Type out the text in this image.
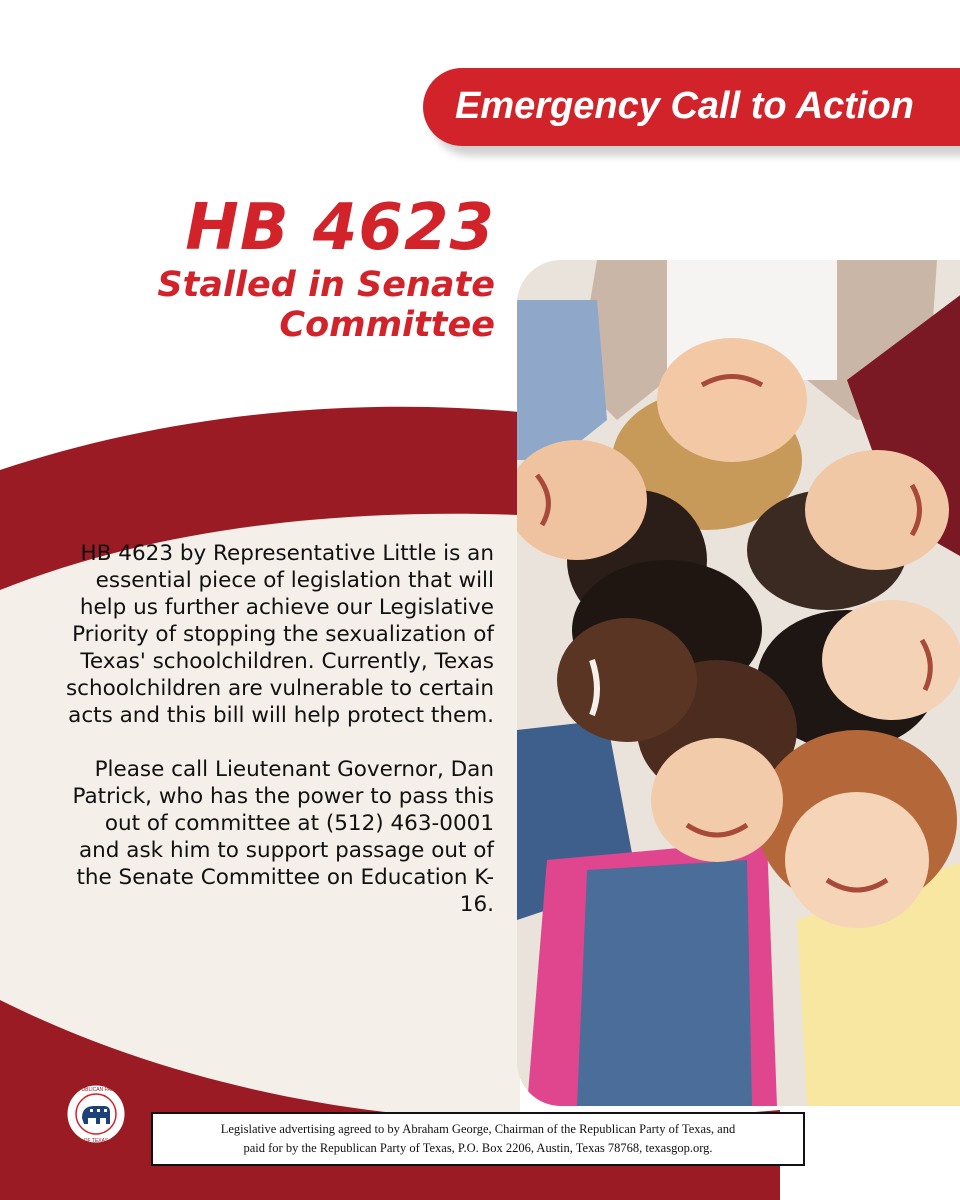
Emergency Call to Action
HB 4623
Stalled in Senate
Committee

HB 4623 by Representative Little is an essential piece of legislation that will help us further achieve our Legislative Priority of stopping the sexualization of Texas' schoolchildren. Currently, Texas schoolchildren are vulnerable to certain acts and this bill will help protect them.

Please call Lieutenant Governor, Dan Patrick, who has the power to pass this out of committee at (512) 463-0001 and ask him to support passage out of the Senate Committee on Education K-16.

REPUBLICAN PARTY
OF TEXAS
Legislative advertising agreed to by Abraham George, Chairman of the Republican Party of Texas, and
paid for by the Republican Party of Texas, P.O. Box 2206, Austin, Texas 78768, texasgop.org.
